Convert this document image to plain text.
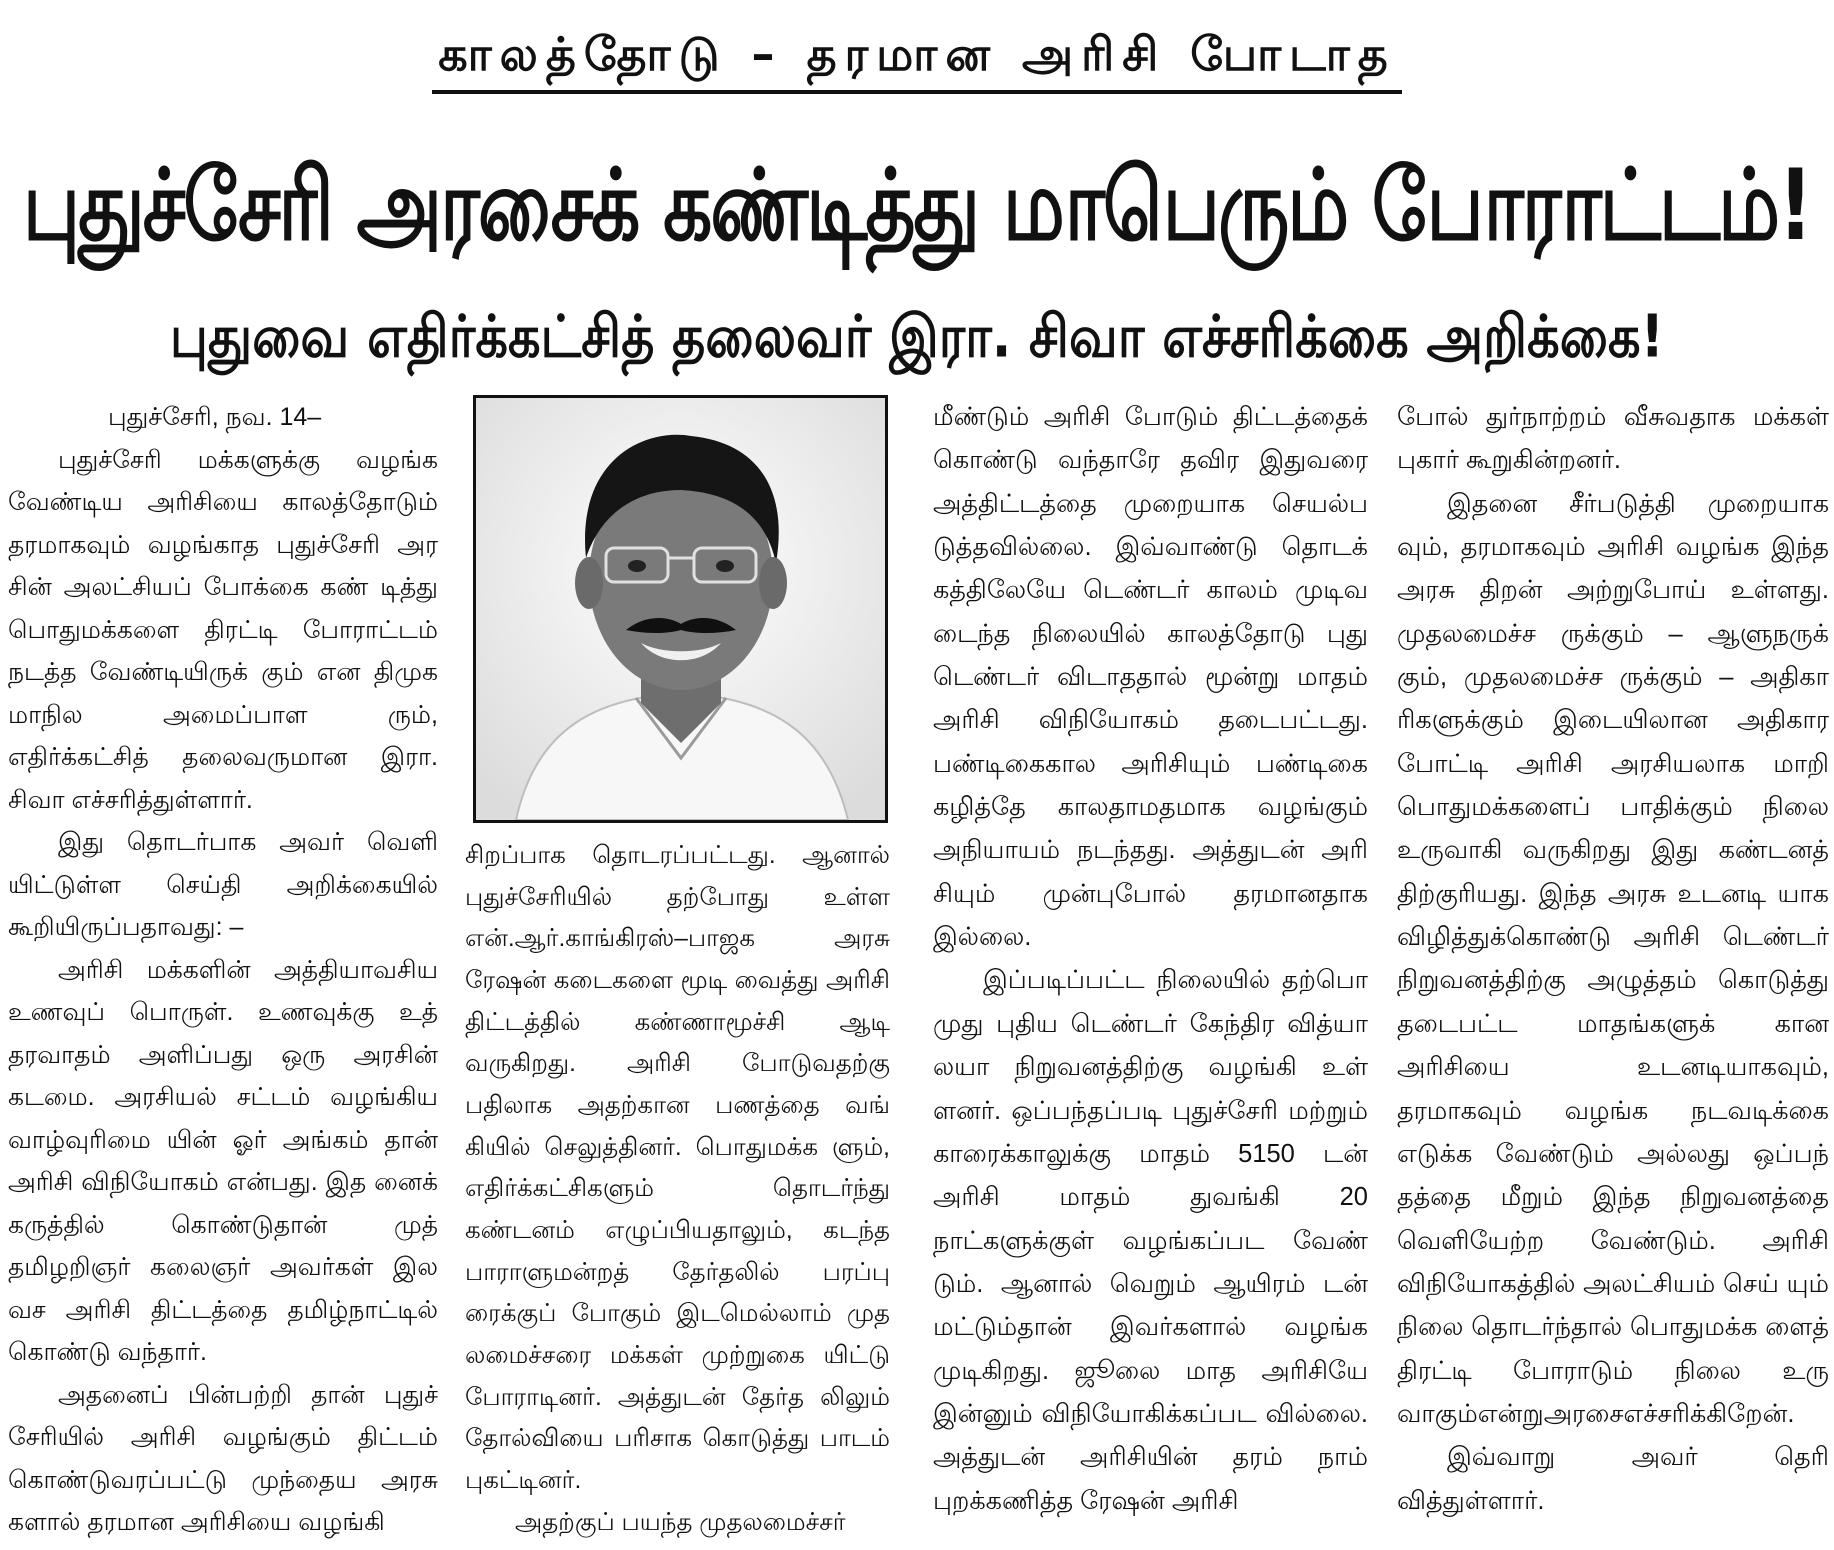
காலத்தோடு – தரமான அரிசி போடாத
புதுச்சேரி அரசைக் கண்டித்து மாபெரும் போராட்டம்!
புதுவை எதிர்க்கட்சித் தலைவர் இரா. சிவா எச்சரிக்கை அறிக்கை!

புதுச்சேரி, நவ. 14–

புதுச்சேரி மக்களுக்கு வழங்க வேண்டிய அரிசியை காலத்தோடும் தரமாகவும் வழங்காத புதுச்சேரி அர சின் அலட்சியப் போக்கை கண் டித்து பொதுமக்களை திரட்டி போராட்டம் நடத்த வேண்டியிருக் கும் என திமுக மாநில அமைப்பாள ரும், எதிர்க்கட்சித் தலைவருமான இரா. சிவா எச்சரித்துள்ளார்.

இது தொடர்பாக அவர் வெளி யிட்டுள்ள செய்தி அறிக்கையில் கூறியிருப்பதாவது: –

அரிசி மக்களின் அத்தியாவசிய உணவுப் பொருள். உணவுக்கு உத் தரவாதம் அளிப்பது ஒரு அரசின் கடமை. அரசியல் சட்டம் வழங்கிய வாழ்வுரிமை யின் ஓர் அங்கம் தான் அரிசி விநியோகம் என்பது. இத னைக் கருத்தில் கொண்டுதான் முத் தமிழறிஞர் கலைஞர் அவர்கள் இல வச அரிசி திட்டத்தை தமிழ்நாட்டில் கொண்டு வந்தார்.

அதனைப் பின்பற்றி தான் புதுச் சேரியில் அரிசி வழங்கும் திட்டம் கொண்டுவரப்பட்டு முந்தைய அரசு களால் தரமான அரிசியை வழங்கி

சிறப்பாக தொடரப்பட்டது. ஆனால் புதுச்சேரியில் தற்போது உள்ள என்.ஆர்.காங்கிரஸ்–பாஜக அரசு ரேஷன் கடைகளை மூடி வைத்து அரிசி திட்டத்தில் கண்ணாமூச்சி ஆடி வருகிறது. அரிசி போடுவதற்கு பதிலாக அதற்கான பணத்தை வங் கியில் செலுத்தினர். பொதுமக்க ளும், எதிர்க்கட்சிகளும் தொடர்ந்து கண்டனம் எழுப்பியதாலும், கடந்த பாராளுமன்றத் தேர்தலில் பரப்பு ரைக்குப் போகும் இடமெல்லாம் முத லமைச்சரை மக்கள் முற்றுகை யிட்டு போராடினர். அத்துடன் தேர்த லிலும் தோல்வியை பரிசாக கொடுத்து பாடம் புகட்டினர்.

அதற்குப் பயந்த முதலமைச்சர்

மீண்டும் அரிசி போடும் திட்டத்தைக் கொண்டு வந்தாரே தவிர இதுவரை அத்திட்டத்தை முறையாக செயல்ப டுத்தவில்லை. இவ்வாண்டு தொடக் கத்திலேயே டெண்டர் காலம் முடிவ டைந்த நிலையில் காலத்தோடு புது டெண்டர் விடாததால் மூன்று மாதம் அரிசி விநியோகம் தடைபட்டது. பண்டிகைகால அரிசியும் பண்டிகை கழித்தே காலதாமதமாக வழங்கும் அநியாயம் நடந்தது. அத்துடன் அரி சியும் முன்புபோல் தரமானதாக இல்லை.

இப்படிப்பட்ட நிலையில் தற்பொ முது புதிய டெண்டர் கேந்திர வித்யா லயா நிறுவனத்திற்கு வழங்கி உள் ளனர். ஒப்பந்தப்படி புதுச்சேரி மற்றும் காரைக்காலுக்கு மாதம் 5150 டன் அரிசி மாதம் துவங்கி 20 நாட்களுக்குள் வழங்கப்பட வேண் டும். ஆனால் வெறும் ஆயிரம் டன் மட்டும்தான் இவர்களால் வழங்க முடிகிறது. ஜூலை மாத அரிசியே இன்னும் விநியோகிக்கப்பட வில்லை. அத்துடன் அரிசியின் தரம் நாம் புறக்கணித்த ரேஷன் அரிசி

போல் துர்நாற்றம் வீசுவதாக மக்கள் புகார் கூறுகின்றனர்.

இதனை சீர்படுத்தி முறையாக வும், தரமாகவும் அரிசி வழங்க இந்த அரசு திறன் அற்றுபோய் உள்ளது. முதலமைச்ச ருக்கும் – ஆளுநருக் கும், முதலமைச்ச ருக்கும் – அதிகா ரிகளுக்கும் இடையிலான அதிகார போட்டி அரிசி அரசியலாக மாறி பொதுமக்களைப் பாதிக்கும் நிலை உருவாகி வருகிறது இது கண்டனத் திற்குரியது. இந்த அரசு உடனடி யாக விழித்துக்கொண்டு அரிசி டெண்டர் நிறுவனத்திற்கு அழுத்தம் கொடுத்து தடைபட்ட மாதங்களுக் கான அரிசியை உடனடியாகவும், தரமாகவும் வழங்க நடவடிக்கை எடுக்க வேண்டும் அல்லது ஒப்பந் தத்தை மீறும் இந்த நிறுவனத்தை வெளியேற்ற வேண்டும். அரிசி விநியோகத்தில் அலட்சியம் செய் யும் நிலை தொடர்ந்தால் பொதுமக்க ளைத் திரட்டி போராடும் நிலை உரு வாகும்என்றுஅரசைஎச்சரிக்கிறேன்.

இவ்வாறு அவர் தெரி வித்துள்ளார்.
